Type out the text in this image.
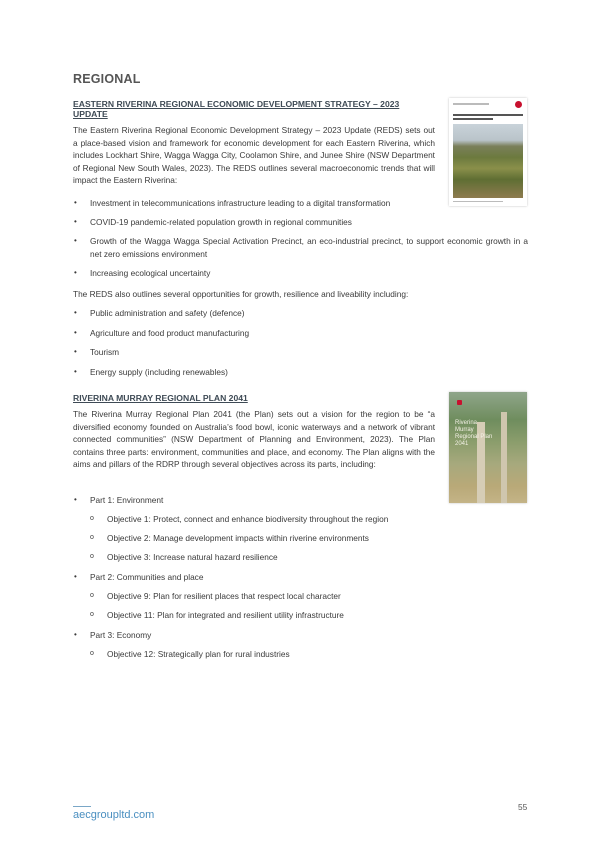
REGIONAL
EASTERN RIVERINA REGIONAL ECONOMIC DEVELOPMENT STRATEGY – 2023 UPDATE
The Eastern Riverina Regional Economic Development Strategy – 2023 Update (REDS) sets out a place-based vision and framework for economic development for each Eastern Riverina, which includes Lockhart Shire, Wagga Wagga City, Coolamon Shire, and Junee Shire (NSW Department of Regional New South Wales, 2023). The REDS outlines several macroeconomic trends that will impact the Eastern Riverina:
• Investment in telecommunications infrastructure leading to a digital transformation
• COVID-19 pandemic-related population growth in regional communities
• Growth of the Wagga Wagga Special Activation Precinct, an eco-industrial precinct, to support economic growth in a net zero emissions environment
• Increasing ecological uncertainty
The REDS also outlines several opportunities for growth, resilience and liveability including:
• Public administration and safety (defence)
• Agriculture and food product manufacturing
• Tourism
• Energy supply (including renewables)
RIVERINA MURRAY REGIONAL PLAN 2041
The Riverina Murray Regional Plan 2041 (the Plan) sets out a vision for the region to be “a diversified economy founded on Australia’s food bowl, iconic waterways and a network of vibrant connected communities” (NSW Department of Planning and Environment, 2023). The Plan contains three parts: environment, communities and place, and economy. The Plan aligns with the aims and pillars of the RDRP through several objectives across its parts, including:
• Part 1: Environment
o Objective 1: Protect, connect and enhance biodiversity throughout the region
o Objective 2: Manage development impacts within riverine environments
o Objective 3: Increase natural hazard resilience
• Part 2: Communities and place
o Objective 9: Plan for resilient places that respect local character
o Objective 11: Plan for integrated and resilient utility infrastructure
• Part 3: Economy
o Objective 12: Strategically plan for rural industries
Riverina Murray Regional Plan 2041
aecgroupltd.com
55
